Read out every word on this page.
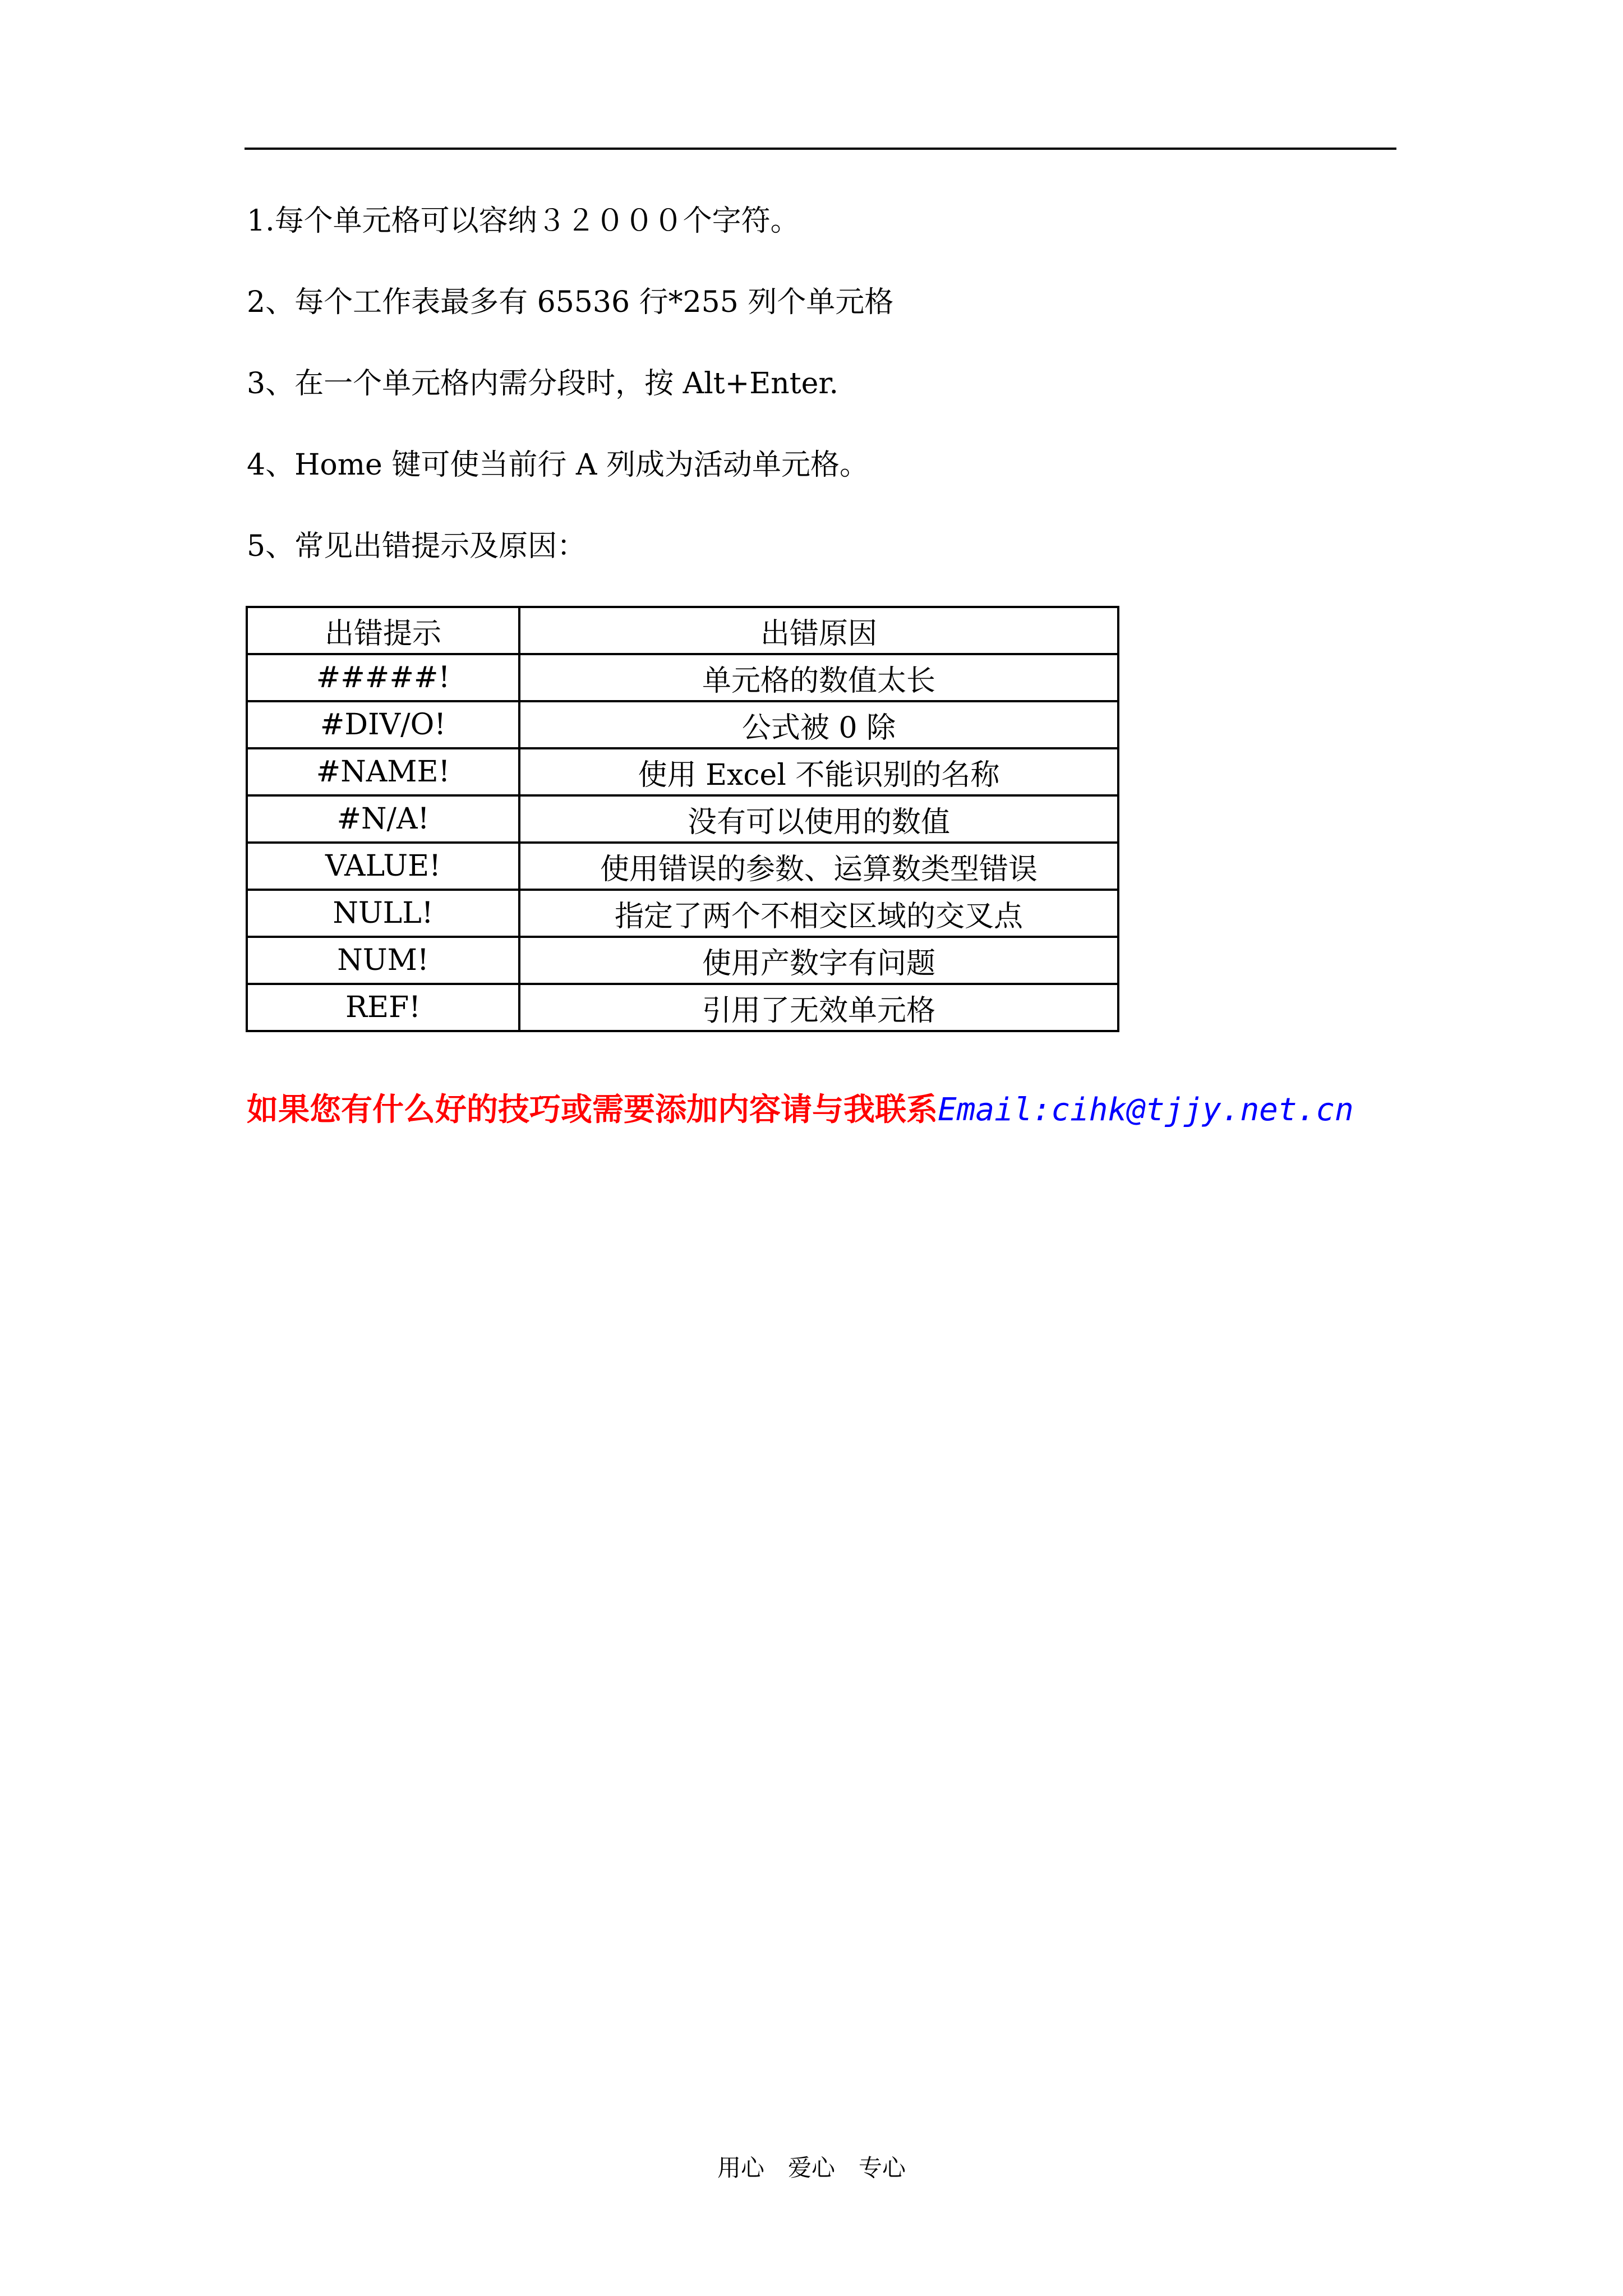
1.每个单元格可以容纳３２０００个字符。

2、每个工作表最多有 65536 行*255 列个单元格

3、在一个单元格内需分段时，按 Alt+Enter.

4、Home 键可使当前行 A 列成为活动单元格。

5、常见出错提示及原因：

出错提示	出错原因
#####!	单元格的数值太长
#DIV/O!	公式被 0 除
#NAME!	使用 Excel 不能识别的名称
#N/A!	没有可以使用的数值
VALUE!	使用错误的参数、运算数类型错误
NULL!	指定了两个不相交区域的交叉点
NUM!	使用产数字有问题
REF!	引用了无效单元格
如果您有什么好的技巧或需要添加内容请与我联系Email:cihk@tjjy.net.cn
用心　爱心　专心
